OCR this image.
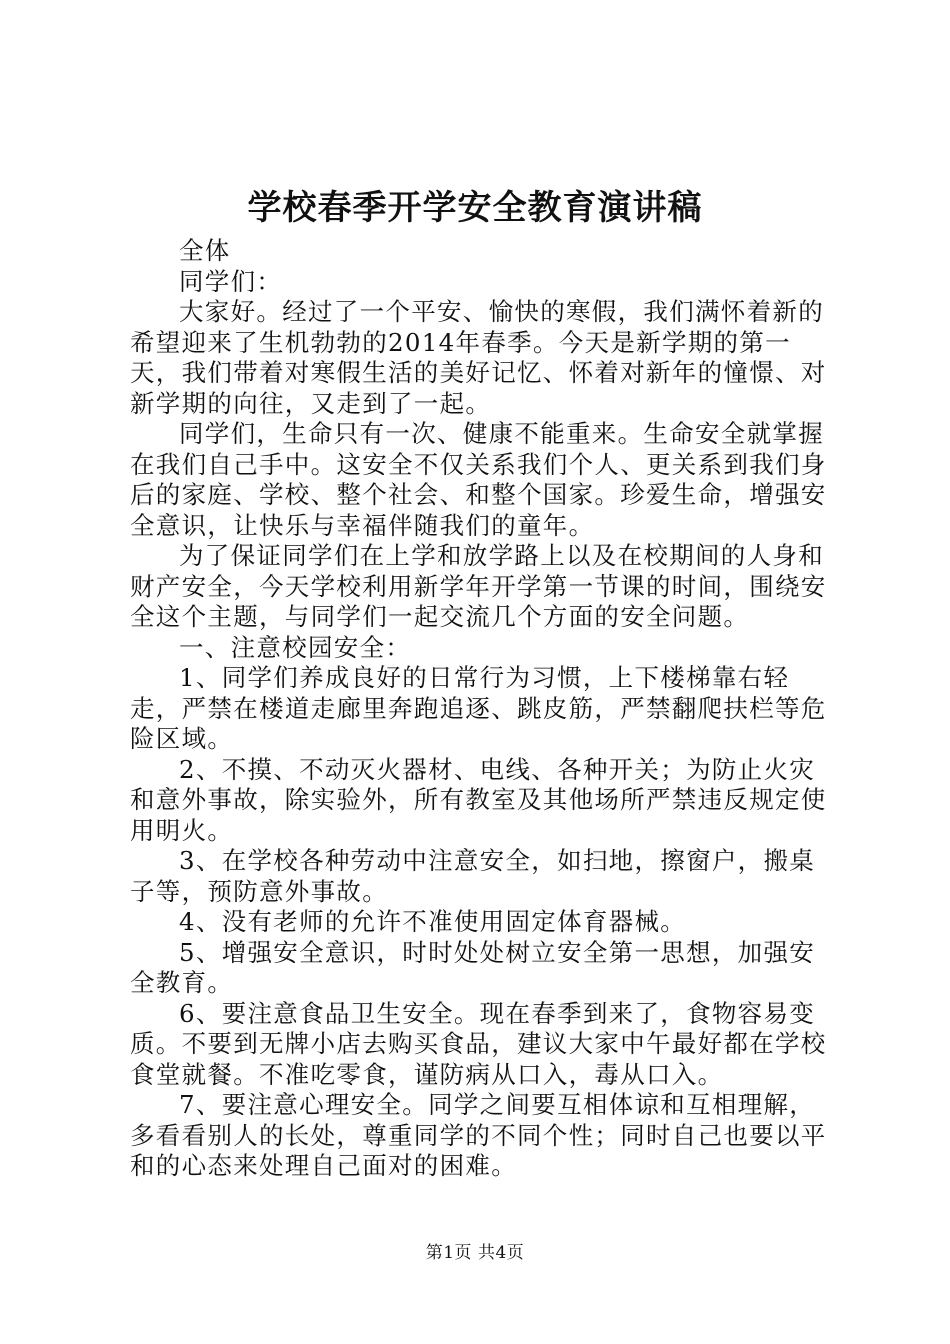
学校春季开学安全教育演讲稿

全体

同学们：

大家好。经过了一个平安、愉快的寒假，我们满怀着新的希望迎来了生机勃勃的2014年春季。今天是新学期的第一天，我们带着对寒假生活的美好记忆、怀着对新年的憧憬、对新学期的向往，又走到了一起。

同学们，生命只有一次、健康不能重来。生命安全就掌握在我们自己手中。这安全不仅关系我们个人、更关系到我们身后的家庭、学校、整个社会、和整个国家。珍爱生命，增强安全意识，让快乐与幸福伴随我们的童年。

为了保证同学们在上学和放学路上以及在校期间的人身和财产安全，今天学校利用新学年开学第一节课的时间，围绕安全这个主题，与同学们一起交流几个方面的安全问题。

一、注意校园安全：

1、同学们养成良好的日常行为习惯，上下楼梯靠右轻走，严禁在楼道走廊里奔跑追逐、跳皮筋，严禁翻爬扶栏等危险区域。

2、不摸、不动灭火器材、电线、各种开关；为防止火灾和意外事故，除实验外，所有教室及其他场所严禁违反规定使用明火。

3、在学校各种劳动中注意安全，如扫地，擦窗户，搬桌子等，预防意外事故。

4、没有老师的允许不准使用固定体育器械。

5、增强安全意识，时时处处树立安全第一思想，加强安全教育。

6、要注意食品卫生安全。现在春季到来了，食物容易变质。不要到无牌小店去购买食品，建议大家中午最好都在学校食堂就餐。不准吃零食，谨防病从口入，毒从口入。

7、要注意心理安全。同学之间要互相体谅和互相理解，多看看别人的长处，尊重同学的不同个性；同时自己也要以平和的心态来处理自己面对的困难。

第1页 共4页
